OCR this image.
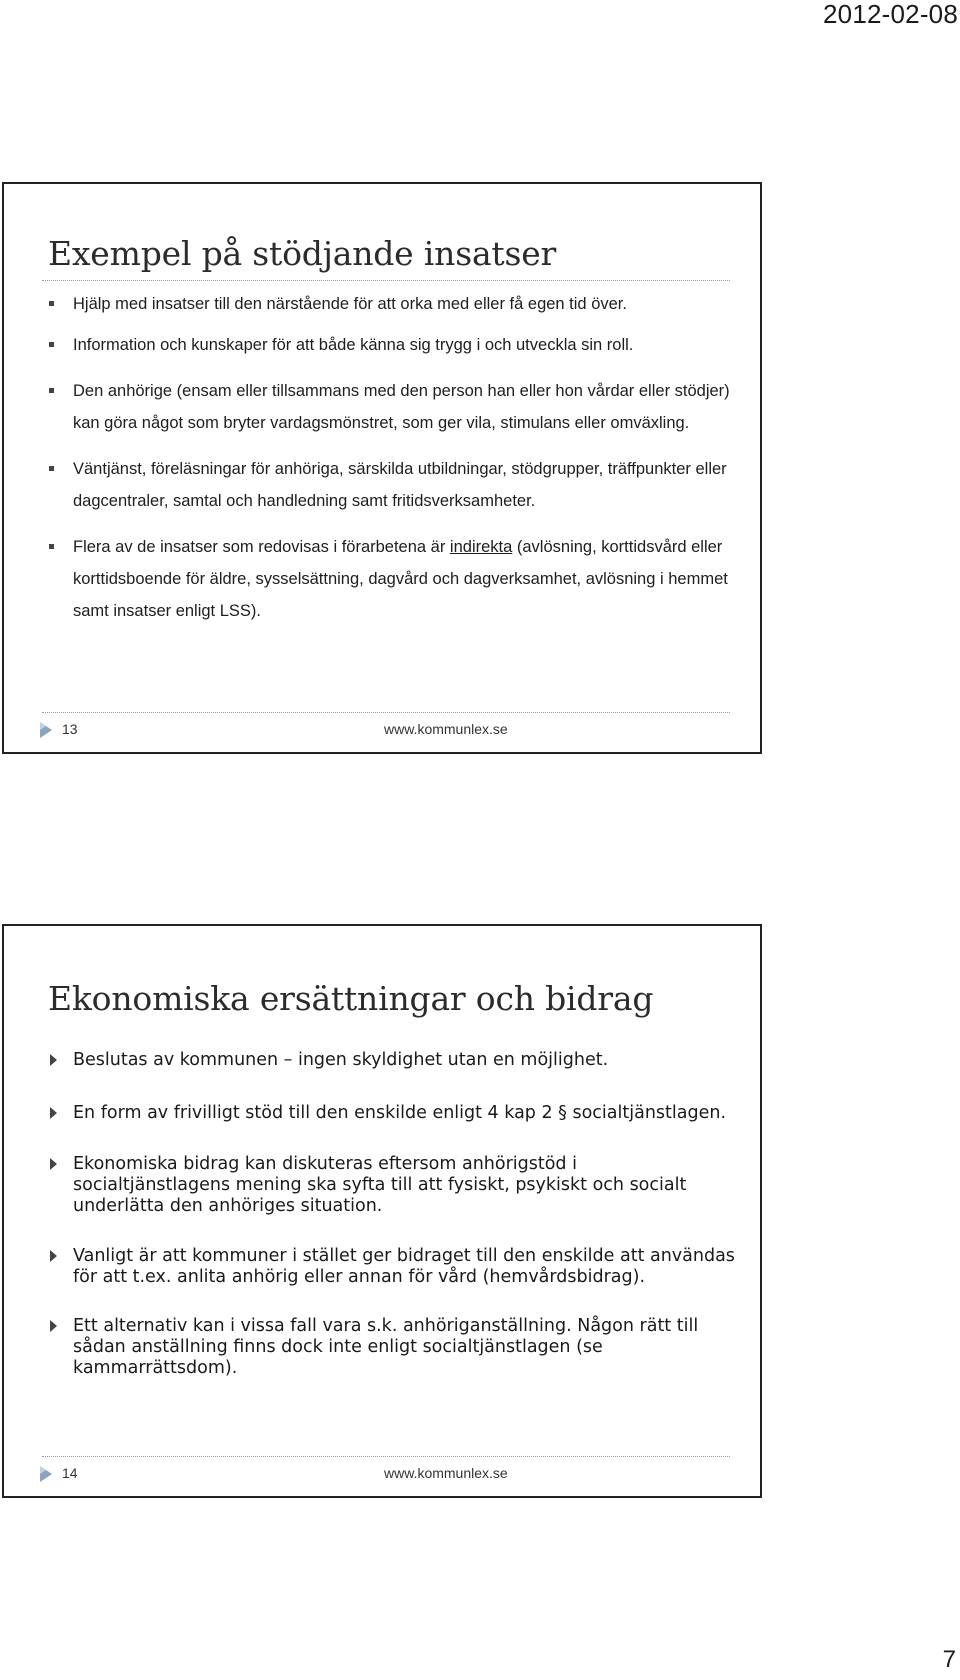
2012-02-08
Exempel på stödjande insatser
Hjälp med insatser till den närstående för att orka med eller få egen tid över.
Information och kunskaper för att både känna sig trygg i och utveckla sin roll.
Den anhörige (ensam eller tillsammans med den person han eller hon vårdar eller stödjer) kan göra något som bryter vardagsmönstret, som ger vila, stimulans eller omväxling.
Väntjänst, föreläsningar för anhöriga, särskilda utbildningar, stödgrupper, träffpunkter eller dagcentraler, samtal och handledning samt fritidsverksamheter.
Flera av de insatser som redovisas i förarbetena är indirekta (avlösning, korttidsvård eller korttidsboende för äldre, sysselsättning, dagvård och dagverksamhet, avlösning i hemmet samt insatser enligt LSS).
13	www.kommunlex.se
Ekonomiska ersättningar och bidrag
Beslutas av kommunen – ingen skyldighet utan en möjlighet.
En form av frivilligt stöd till den enskilde enligt 4 kap 2 § socialtjänstlagen.
Ekonomiska bidrag kan diskuteras eftersom anhörigstöd i socialtjänstlagens mening ska syfta till att fysiskt, psykiskt och socialt underlätta den anhöriges situation.
Vanligt är att kommuner i stället ger bidraget till den enskilde att användas för att t.ex. anlita anhörig eller annan för vård (hemvårdsbidrag).
Ett alternativ kan i vissa fall vara s.k. anhöriganställning. Någon rätt till sådan anställning finns dock inte enligt socialtjänstlagen (se kammarrättsdom).
14	www.kommunlex.se
7
